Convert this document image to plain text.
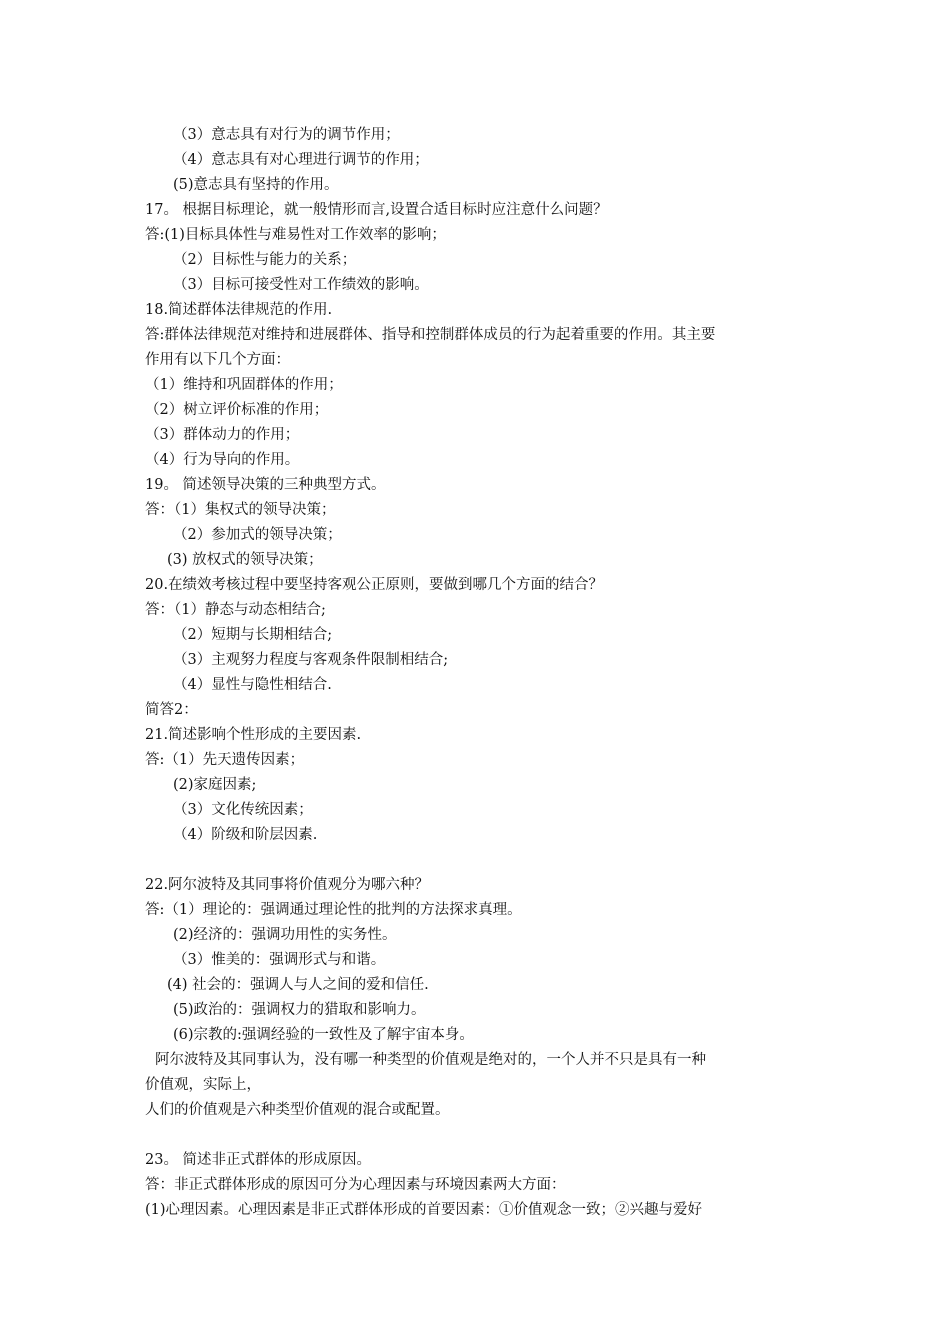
（3）意志具有对行为的调节作用；
（4）意志具有对心理进行调节的作用；
(5)意志具有坚持的作用。
17。 根据目标理论，就一般情形而言,设置合适目标时应注意什么问题？
答:(1)目标具体性与难易性对工作效率的影响；
（2）目标性与能力的关系；
（3）目标可接受性对工作绩效的影响。
18.简述群体法律规范的作用.
答:群体法律规范对维持和进展群体、指导和控制群体成员的行为起着重要的作用。其主要
作用有以下几个方面：
（1）维持和巩固群体的作用；
（2）树立评价标准的作用；
（3）群体动力的作用；
（4）行为导向的作用。
19。 简述领导决策的三种典型方式。
答：（1）集权式的领导决策；
（2）参加式的领导决策；
(3) 放权式的领导决策；
20.在绩效考核过程中要坚持客观公正原则，要做到哪几个方面的结合？
答：（1）静态与动态相结合;
（2）短期与长期相结合;
（3）主观努力程度与客观条件限制相结合;
（4）显性与隐性相结合.
简答2：
21.简述影响个性形成的主要因素.
答:（1）先天遗传因素；
(2)家庭因素;
（3）文化传统因素；
（4）阶级和阶层因素.
22.阿尔波特及其同事将价值观分为哪六种？
答:（1）理论的：强调通过理论性的批判的方法探求真理。
(2)经济的：强调功用性的实务性。
（3）惟美的：强调形式与和谐。
(4) 社会的：强调人与人之间的爱和信任.
(5)政治的：强调权力的猎取和影响力。
(6)宗教的:强调经验的一致性及了解宇宙本身。
阿尔波特及其同事认为，没有哪一种类型的价值观是绝对的，一个人并不只是具有一种
价值观，实际上，
人们的价值观是六种类型价值观的混合或配置。
23。 简述非正式群体的形成原因。
答：非正式群体形成的原因可分为心理因素与环境因素两大方面：
(1)心理因素。心理因素是非正式群体形成的首要因素：①价值观念一致；②兴趣与爱好
